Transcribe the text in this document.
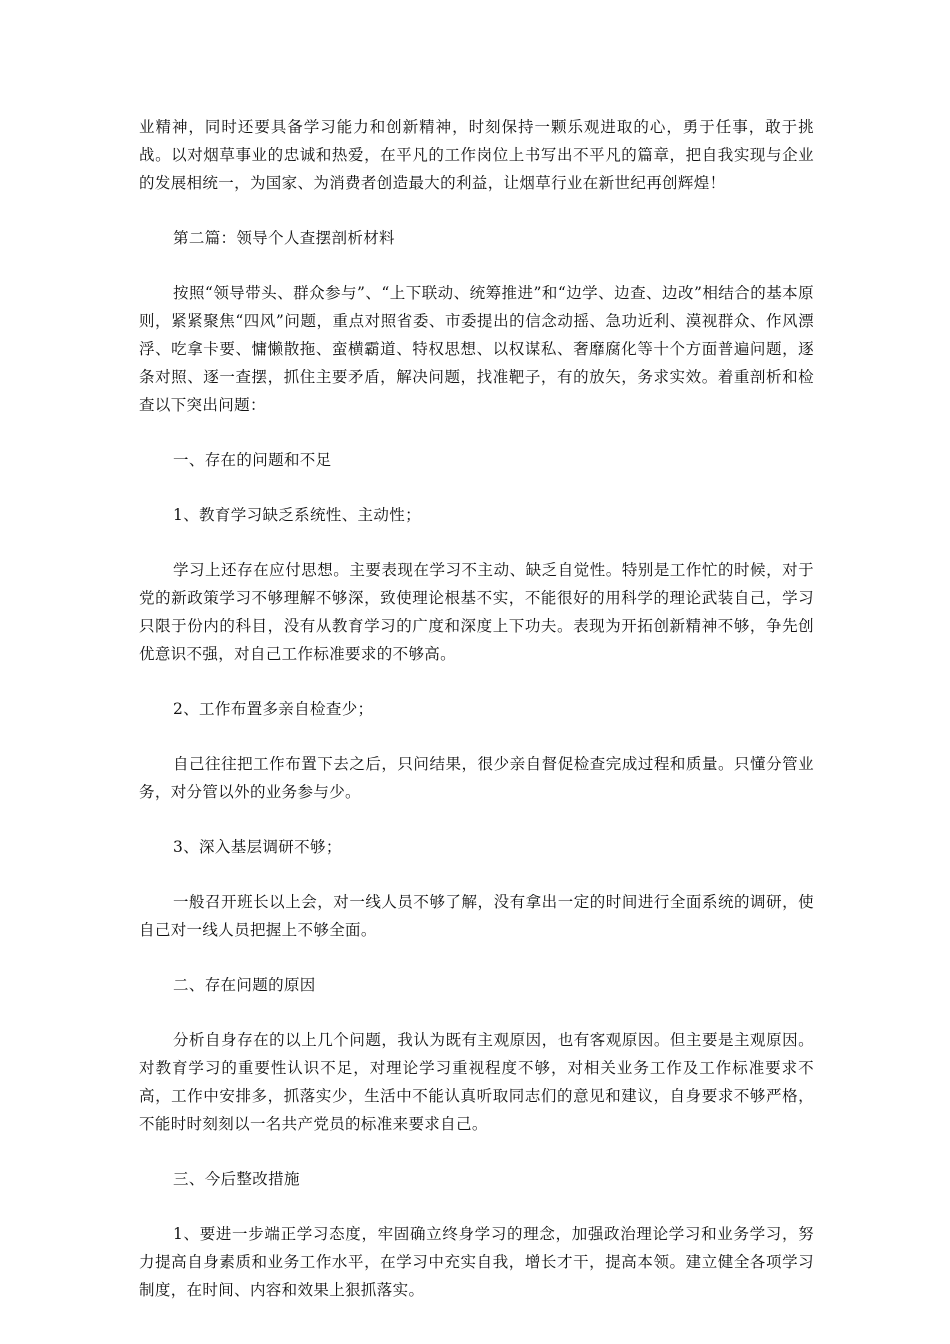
业精神，同时还要具备学习能力和创新精神，时刻保持一颗乐观进取的心，勇于任事，敢于挑战。以对烟草事业的忠诚和热爱，在平凡的工作岗位上书写出不平凡的篇章，把自我实现与企业的发展相统一，为国家、为消费者创造最大的利益，让烟草行业在新世纪再创辉煌！

第二篇：领导个人查摆剖析材料

按照“领导带头、群众参与”、“上下联动、统筹推进”和“边学、边查、边改”相结合的基本原则，紧紧聚焦“四风”问题，重点对照省委、市委提出的信念动摇、急功近利、漠视群众、作风漂浮、吃拿卡要、慵懒散拖、蛮横霸道、特权思想、以权谋私、奢靡腐化等十个方面普遍问题，逐条对照、逐一查摆，抓住主要矛盾，解决问题，找准靶子，有的放矢，务求实效。着重剖析和检查以下突出问题：

一、存在的问题和不足

1、教育学习缺乏系统性、主动性；

学习上还存在应付思想。主要表现在学习不主动、缺乏自觉性。特别是工作忙的时候，对于党的新政策学习不够理解不够深，致使理论根基不实，不能很好的用科学的理论武装自己，学习只限于份内的科目，没有从教育学习的广度和深度上下功夫。表现为开拓创新精神不够，争先创优意识不强，对自己工作标准要求的不够高。

2、工作布置多亲自检查少；

自己往往把工作布置下去之后，只问结果，很少亲自督促检查完成过程和质量。只懂分管业务，对分管以外的业务参与少。

3、深入基层调研不够；

一般召开班长以上会，对一线人员不够了解，没有拿出一定的时间进行全面系统的调研，使自己对一线人员把握上不够全面。

二、存在问题的原因

分析自身存在的以上几个问题，我认为既有主观原因，也有客观原因。但主要是主观原因。对教育学习的重要性认识不足，对理论学习重视程度不够，对相关业务工作及工作标准要求不高，工作中安排多，抓落实少，生活中不能认真听取同志们的意见和建议，自身要求不够严格，不能时时刻刻以一名共产党员的标准来要求自己。

三、今后整改措施

1、要进一步端正学习态度，牢固确立终身学习的理念，加强政治理论学习和业务学习，努力提高自身素质和业务工作水平，在学习中充实自我，增长才干，提高本领。建立健全各项学习制度，在时间、内容和效果上狠抓落实。
